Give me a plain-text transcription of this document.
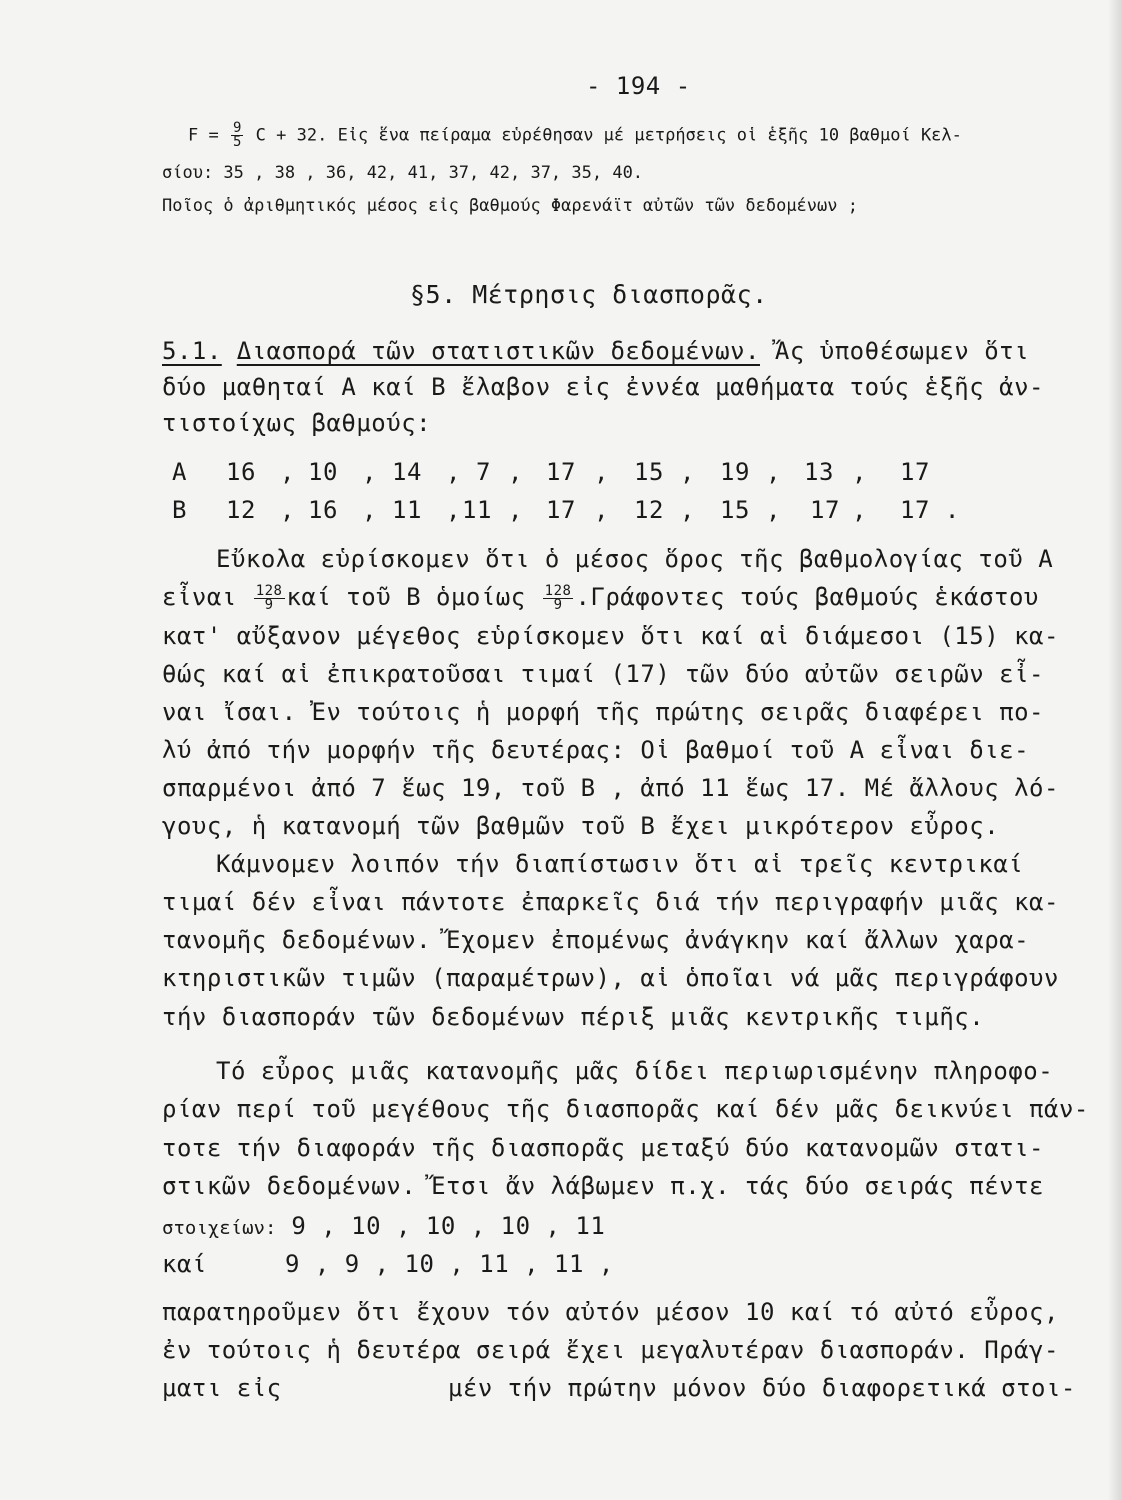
- 194 -
$F = \frac{9}{5}$ C + 32. Εἰς ἕνα πείραμα εὑρέθησαν μέ μετρήσεις οἱ ἑξῆς 10 βαθμοί Κελ-
σίου: 35 , 38 , 36, 42, 41, 37, 42, 37, 35, 40.
Ποῖος ὁ ἀριθμητικός μέσος εἰς βαθμούς Φαρενάϊτ αὐτῶν τῶν δεδομένων ;
§5. Μέτρησις διασπορᾶς.
5.1. Διασπορά τῶν στατιστικῶν δεδομένων. Ἄς ὑποθέσωμεν ὅτι
δύο μαθηταί Α καί Β ἔλαβον εἰς ἐννέα μαθήματα τούς ἑξῆς ἀν-
τιστοίχως βαθμούς:
Α 16 , 10 , 14 , 7 , 17 , 15 , 19 , 13 , 17
Β 12 , 16 , 11 , 11 , 17 , 12 , 15 , 17 , 17 .
Εὔκολα εὑρίσκομεν ὅτι ὁ μέσος ὅρος τῆς βαθμολογίας τοῦ Α
εἶναι $\frac{128}{9}$ καί τοῦ Β ὁμοίως $\frac{128}{9} .\Gamma\rho ά\varphi o\nu\tau\varepsilon\varsigma$ τούς βαθμούς ἑκάστου
κατ' αὔξανον μέγεθος εὑρίσκομεν ὅτι καί αἱ διάμεσοι (15) κα-
θώς καί αἱ ἐπικρατοῦσαι τιμαί (17) τῶν δύο αὐτῶν σειρῶν εἶ-
ναι ἴσαι. Ἐν τούτοις ἡ μορφή τῆς πρώτης σειρᾶς διαφέρει πο-
λύ ἀπό τήν μορφήν τῆς δευτέρας: Οἱ βαθμοί τοῦ Α εἶναι διε-
σπαρμένοι ἀπό 7 ἕως 19, τοῦ Β , ἀπό 11 ἕως 17. Μέ ἄλλους λό-
γους, ἡ κατανομή τῶν βαθμῶν τοῦ Β ἔχει μικρότερον εὖρος.
Κάμνομεν λοιπόν τήν διαπίστωσιν ὅτι αἱ τρεῖς κεντρικαί
τιμαί δέν εἶναι πάντοτε ἐπαρκεῖς διά τήν περιγραφήν μιᾶς κα-
τανομῆς δεδομένων. Ἔχομεν ἐπομένως ἀνάγκην καί ἄλλων χαρα-
κτηριστικῶν τιμῶν (παραμέτρων), αἱ ὁποῖαι νά μᾶς περιγράφουν
τήν διασποράν τῶν δεδομένων πέριξ μιᾶς κεντρικῆς τιμῆς.
Τό εὖρος μιᾶς κατανομῆς μᾶς δίδει περιωρισμένην πληροφο-
ρίαν περί τοῦ μεγέθους τῆς διασπορᾶς καί δέν μᾶς δεικνύει πάν-
τοτε τήν διαφοράν τῆς διασπορᾶς μεταξύ δύο κατανομῶν στατι-
στικῶν δεδομένων. Ἔτσι ἄν λάβωμεν π.χ. τάς δύο σειράς πέντε
στοιχείων: 9 , 10 , 10 , 10 , 11
καί	9 , 9 , 10 , 11 , 11 ,
παρατηροῦμεν ὅτι ἔχουν τόν αὐτόν μέσον 10 καί τό αὐτό εὖρος,
ἐν τούτοις ἡ δευτέρα σειρά ἔχει μεγαλυτέραν διασποράν. Πράγ-
ματι εἰς	μέν τήν πρώτην μόνον δύο διαφορετικά στοι-
